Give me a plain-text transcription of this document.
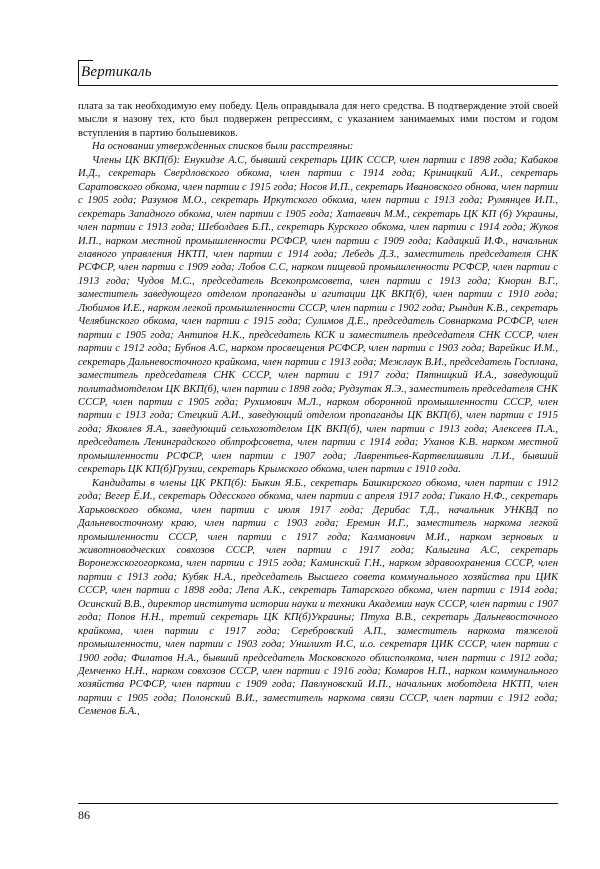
Вертикаль

плата за так необходимую ему победу. Цель оправдывала для него средства. В подтверждение этой своей мысли я назову тех, кто был подвержен репрессиям, с указанием занимаемых ими постом и годом вступления в партию большевиков.

На основании утвержденных списков были расстреляны:

Члены ЦК ВКП(б): Енукидзе А.С, бывший секретарь ЦИК СССР, член партии с 1898 года; Кабаков И.Д., секретарь Свердловского обкома, член партии с 1914 года; Криницкий А.И., секретарь Саратовского обкома, член партии с 1915 года; Носов И.П., секретарь Ивановского обнова, член партии с 1905 года; Разумов М.О., секретарь Иркутского обкома, член партии с 1913 года; Румянцев И.П., секретарь Западного обкома, член партии с 1905 года; Хатаевич М.М., секретарь ЦК КП (б) Украины, член партии с 1913 года; Шеболдаев Б.П., секретарь Курского обкома, член партии с 1914 года; Жуков И.П., нарком местной промышленности РСФСР, член партии с 1909 года; Кадацкий И.Ф., начальник главного управления НКТП, член партии с 1914 года; Лебедь Д.З., заместитель председателя СНК РСФСР, член партии с 1909 года; Лобов С.С, нарком пищевой промышленности РСФСР, член партии с 1913 года; Чудов М.С., председатель Всекопромсовета, член партии с 1913 года; Кнорин В.Г., заместитель заведующего отделом пропаганды и агитации ЦК ВКП(б), член партии с 1910 года; Любимов И.Е., нарком легкой промышленности СССР, член партии с 1902 года; Рындин К.В., секретарь Челябинского обкома, член партии с 1915 года; Сулимов Д.Е., председатель Совнаркома РСФСР, член партии с 1905 года; Антипов Н.К., председатель КСК и заместитель председателя СНК СССР, член партии с 1912 года; Бубнов А.С, нарком просвещения РСФСР, член партии с 1903 года; Варейкис И.М., секретарь Дальневосточного крайкома, член партии с 1913 года; Межлаук В.И., председатель Госплана, заместитель председателя СНК СССР, член партии с 1917 года; Пятницкий И.А., заведующий политадмотделом ЦК ВКП(б), член партии с 1898 года; Рудзутак Я.Э., заместитель председателя СНК СССР, член партии с 1905 года; Рухимович М.Л., нарком оборонной промышленности СССР, член партии с 1913 года; Стецкий А.И., заведующий отделом пропаганды ЦК ВКП(б), член партии с 1915 года; Яковлев Я.А., заведующий сельхозотделом ЦК ВКП(б), член партии с 1913 года; Алексеев П.А., председатель Ленинградского облпрофсовета, член партии с 1914 года; Уханов К.В. нарком местной промышленности РСФСР, член партии с 1907 года; Лаврентьев-Картвелишвили Л.И., бывший секретарь ЦК КП(б)Грузии, секретарь Крымского обкома, член партии с 1910 года.

Кандидаты в члены ЦК РКП(б): Быкин Я.Б., секретарь Башкирского обкома, член партии с 1912 года; Вегер Ё.И., секретарь Одесского обкома, член партии с апреля 1917 года; Гикало Н.Ф., секретарь Харьковского обкома, член партии с июля 1917 года; Дерибас Т.Д., начальник УНКВД по Дальневосточному краю, член партии с 1903 года; Еремин И.Г., заместитель наркома легкой промышленности СССР, член партии с 1917 года; Калманович М.И., нарком зерновых и животноводческих совхозов СССР, член партии с 1917 года; Калыгина А.С, секретарь Воронежскогогоркома, член партии с 1915 года; Каминский Г.Н., нарком здравоохранения СССР, член партии с 1913 года; Кубяк Н.А., председатель Высшего совета коммунального хозяйства при ЦИК СССР, член партии с 1898 года; Лепа А.К., секретарь Татарского обкома, член партии с 1914 года; Осинский В.В., директор института истории науки и техники Академии наук СССР, член партии с 1907 года; Попов Н.Н., третий секретарь ЦК КП(б)Украины; Птуха В.В., секретарь Дальневосточного крайкома, член партии с 1917 года; Серебровский А.П., заместитель наркома тяжелой промышленности, член партии с 1903 года; Уншлихт И.С, и.о. секретаря ЦИК СССР, член партии с 1900 года; Филатов Н.А., бывший председатель Московского облисполкома, член партии с 1912 года; Демченко Н.Н., нарком совхозов СССР, член партии с 1916 года; Комаров Н.П., нарком коммунального хозяйства РСФСР, член партии с 1909 года; Павлуновский И.П., начальник моботдела НКТП, член партии с 1905 года; Полонский В.И., заместитель наркома связи СССР, член партии с 1912 года; Семенов Б.А.,

86
